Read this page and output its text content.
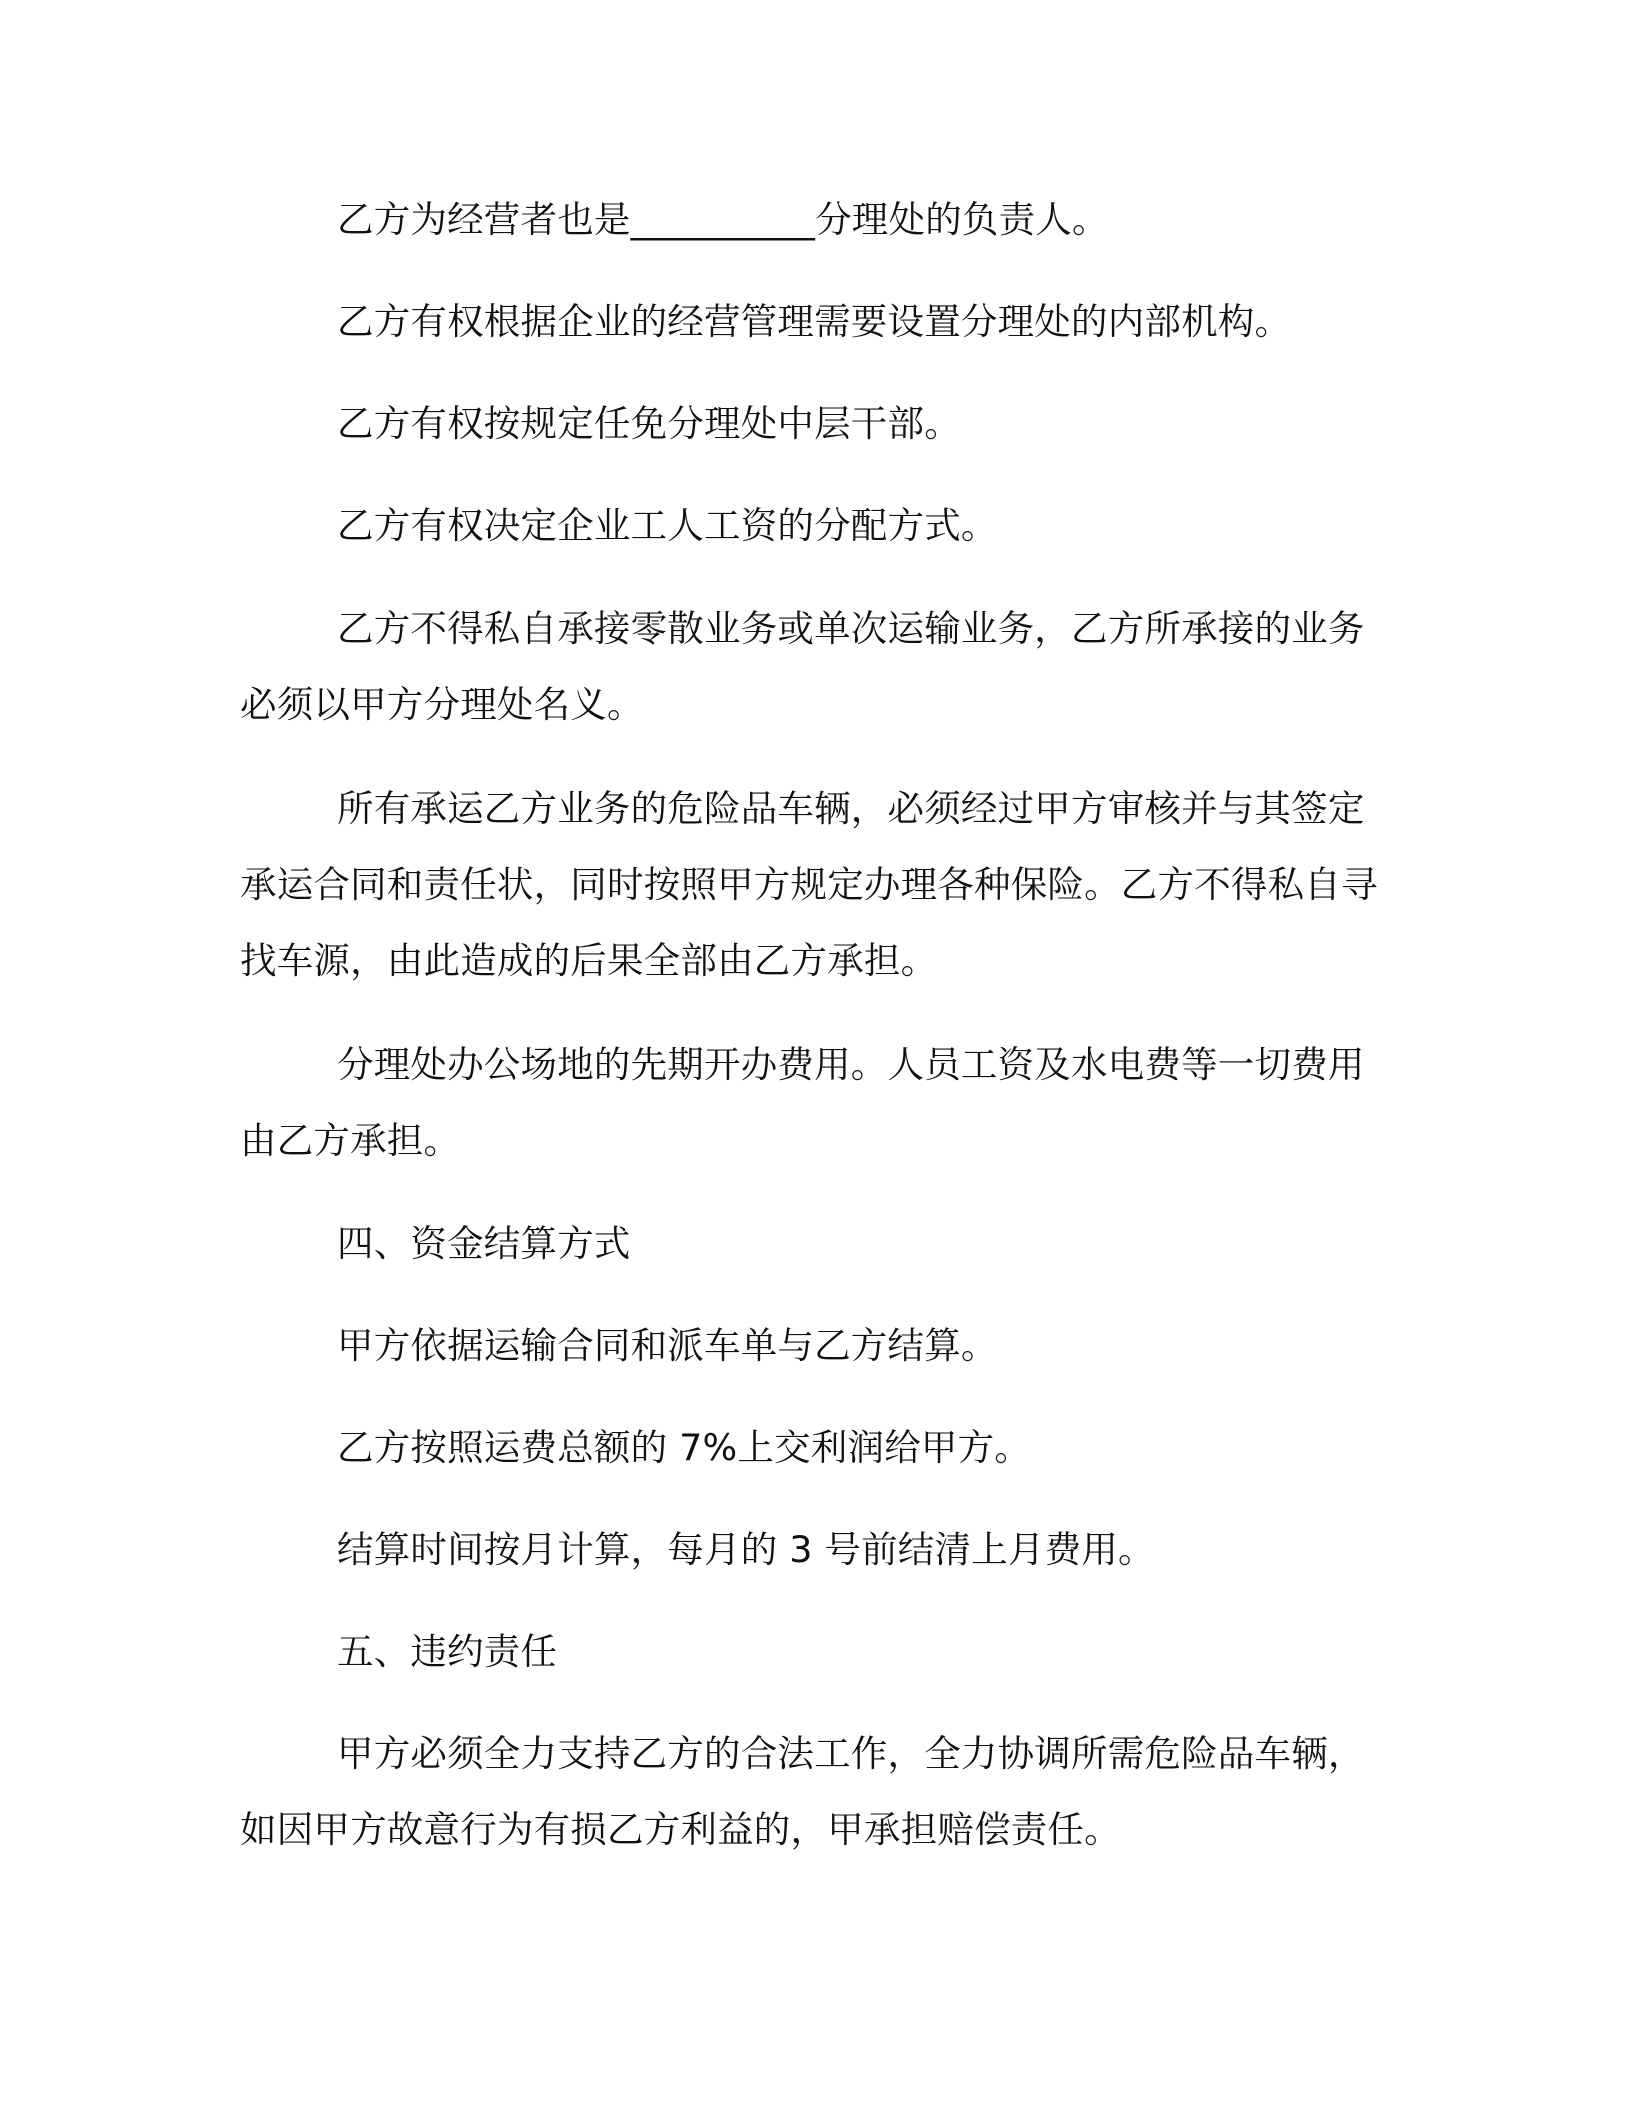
乙方为经营者也是__________分理处的负责人。

乙方有权根据企业的经营管理需要设置分理处的内部机构。

乙方有权按规定任免分理处中层干部。

乙方有权决定企业工人工资的分配方式。

乙方不得私自承接零散业务或单次运输业务，乙方所承接的业务必须以甲方分理处名义。

所有承运乙方业务的危险品车辆，必须经过甲方审核并与其签定承运合同和责任状，同时按照甲方规定办理各种保险。乙方不得私自寻找车源，由此造成的后果全部由乙方承担。

分理处办公场地的先期开办费用。人员工资及水电费等一切费用由乙方承担。

四、资金结算方式

甲方依据运输合同和派车单与乙方结算。

乙方按照运费总额的 7%上交利润给甲方。

结算时间按月计算，每月的 3 号前结清上月费用。

五、违约责任

甲方必须全力支持乙方的合法工作，全力协调所需危险品车辆，如因甲方故意行为有损乙方利益的，甲承担赔偿责任。
